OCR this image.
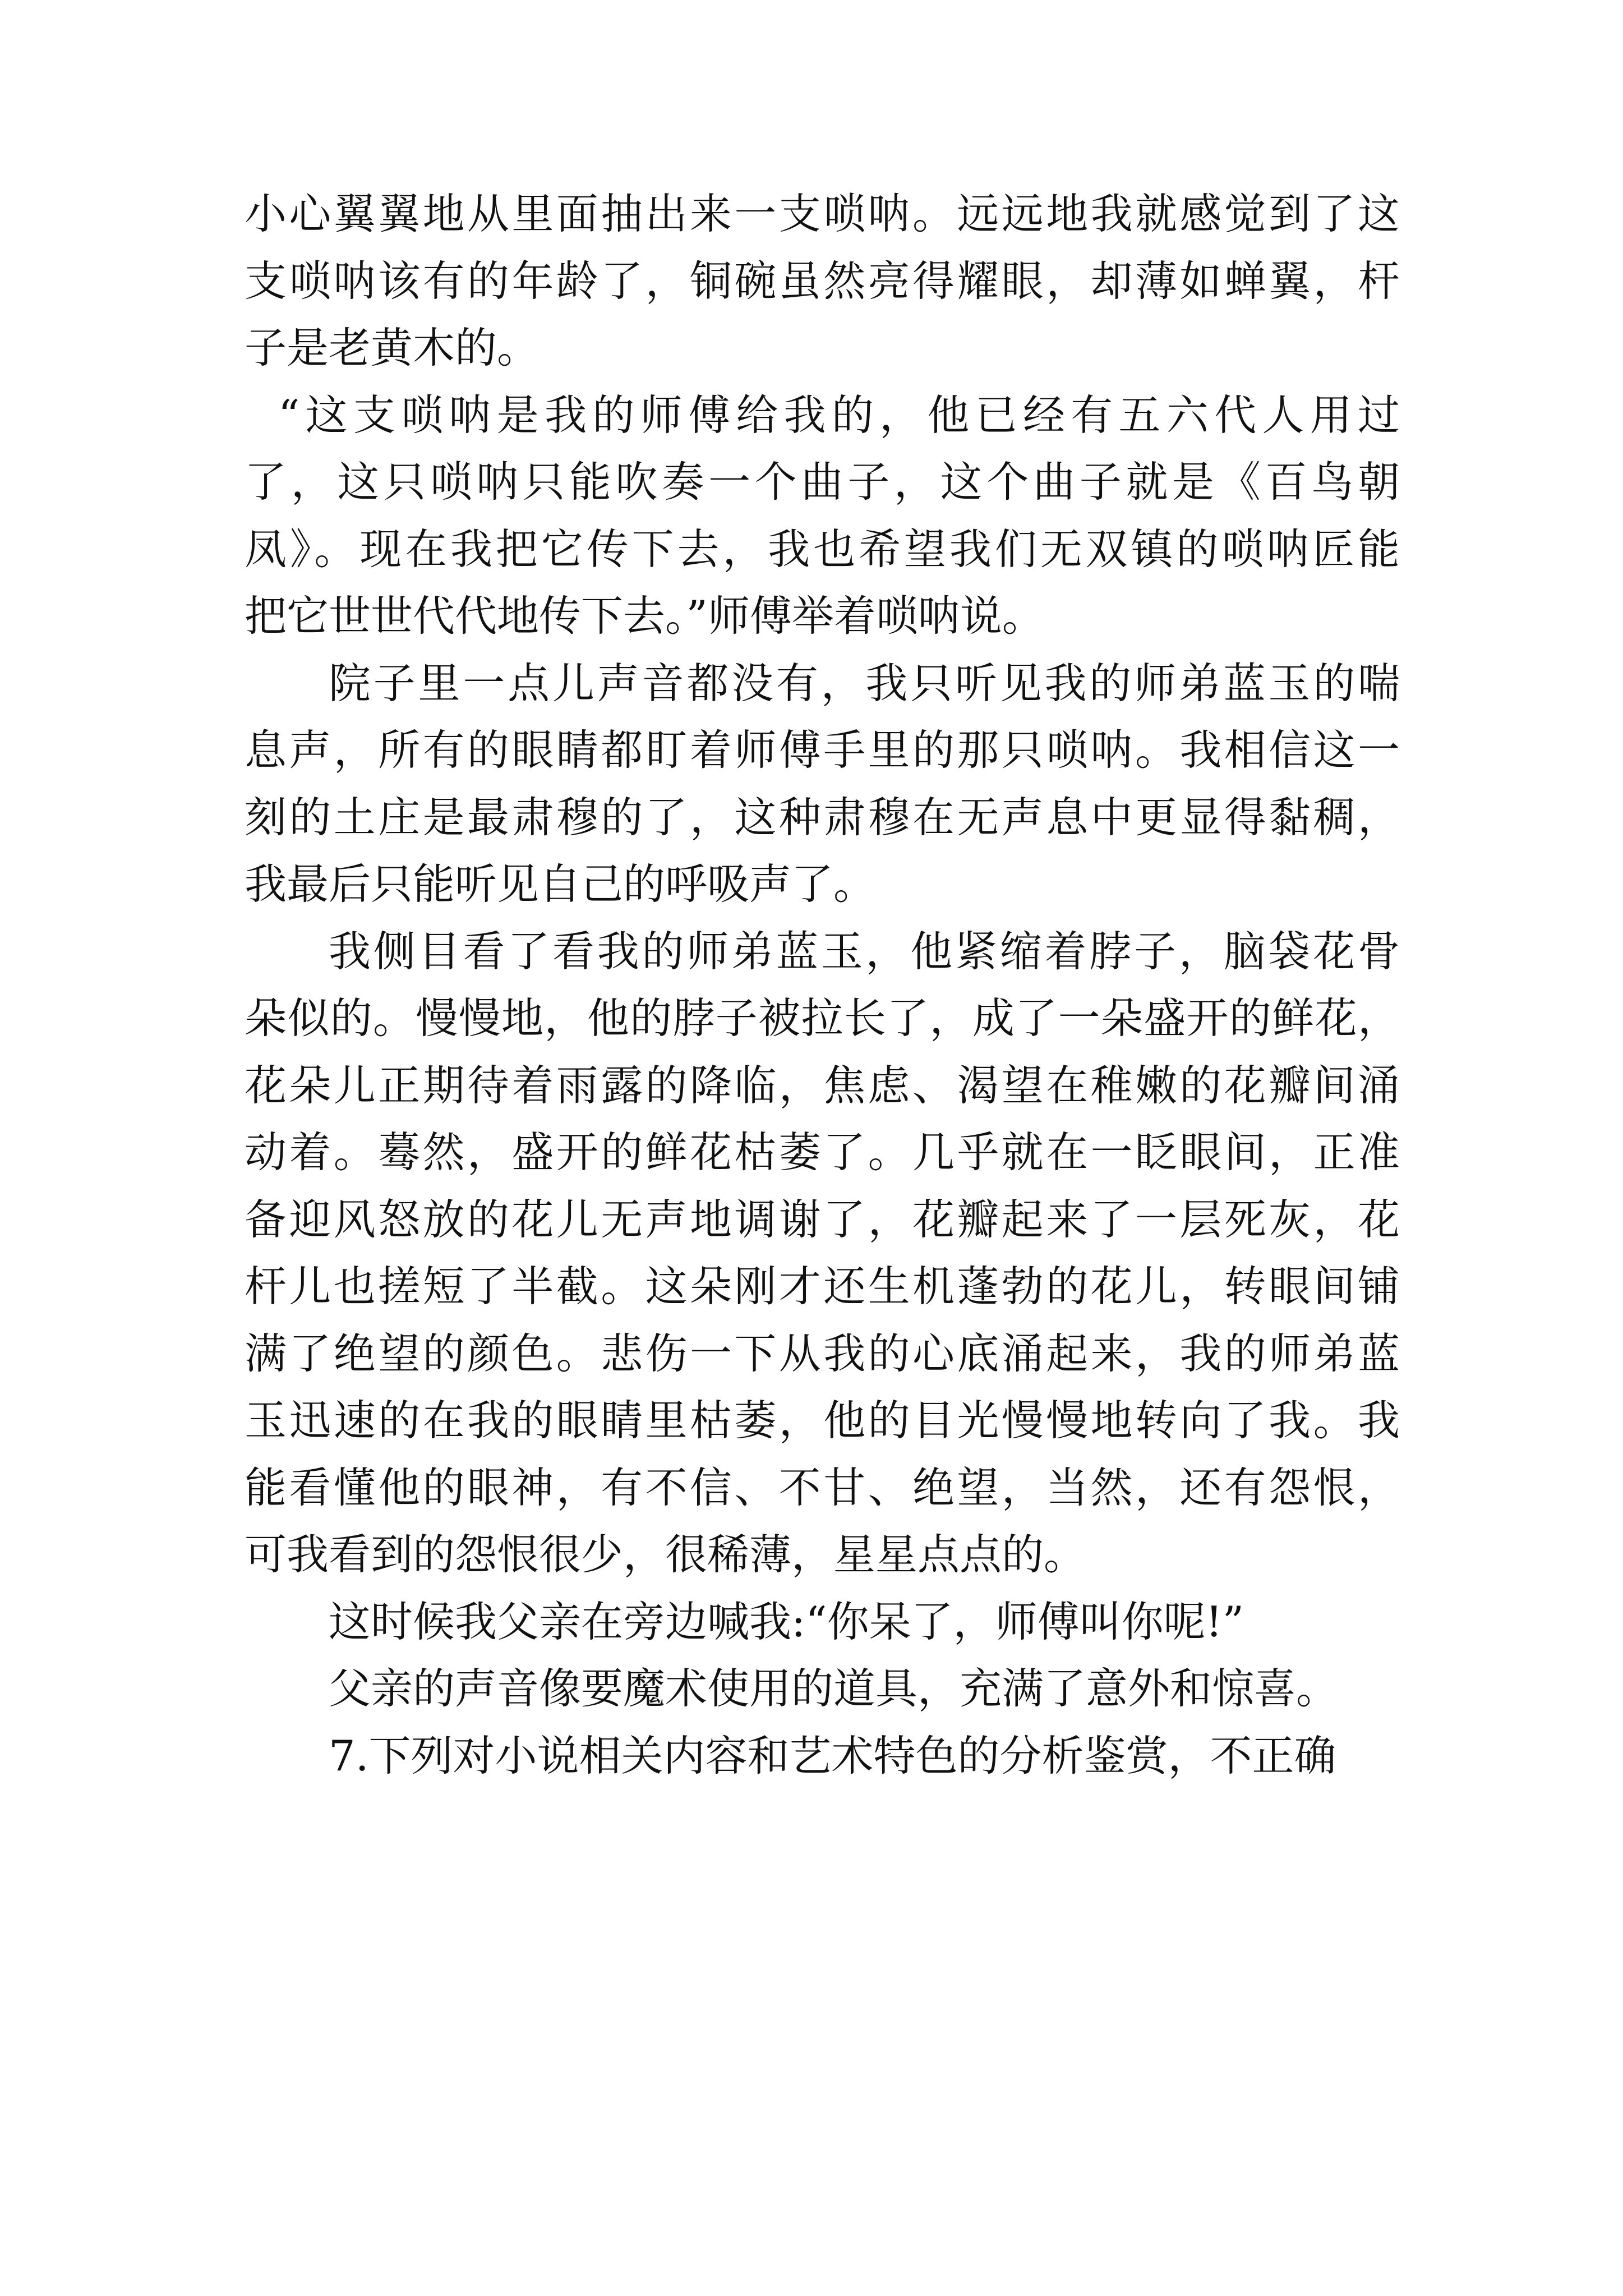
小心翼翼地从里面抽出来一支唢呐。远远地我就感觉到了这
支唢呐该有的年龄了，铜碗虽然亮得耀眼，却薄如蝉翼，杆
子是老黄木的。
“这支唢呐是我的师傅给我的，他已经有五六代人用过
了，这只唢呐只能吹奏一个曲子，这个曲子就是《百鸟朝
凤》。现在我把它传下去，我也希望我们无双镇的唢呐匠能
把它世世代代地传下去。”师傅举着唢呐说。
院子里一点儿声音都没有，我只听见我的师弟蓝玉的喘
息声，所有的眼睛都盯着师傅手里的那只唢呐。我相信这一
刻的土庄是最肃穆的了，这种肃穆在无声息中更显得黏稠，
我最后只能听见自己的呼吸声了。
我侧目看了看我的师弟蓝玉，他紧缩着脖子，脑袋花骨
朵似的。慢慢地，他的脖子被拉长了，成了一朵盛开的鲜花，
花朵儿正期待着雨露的降临，焦虑、渴望在稚嫩的花瓣间涌
动着。蓦然，盛开的鲜花枯萎了。几乎就在一眨眼间，正准
备迎风怒放的花儿无声地调谢了，花瓣起来了一层死灰，花
杆儿也搓短了半截。这朵刚才还生机蓬勃的花儿，转眼间铺
满了绝望的颜色。悲伤一下从我的心底涌起来，我的师弟蓝
玉迅速的在我的眼睛里枯萎，他的目光慢慢地转向了我。我
能看懂他的眼神，有不信、不甘、绝望，当然，还有怨恨，
可我看到的怨恨很少，很稀薄，星星点点的。
这时候我父亲在旁边喊我:“你呆了，师傅叫你呢!”
父亲的声音像要魔术使用的道具，充满了意外和惊喜。
7.下列对小说相关内容和艺术特色的分析鉴赏，不正确
